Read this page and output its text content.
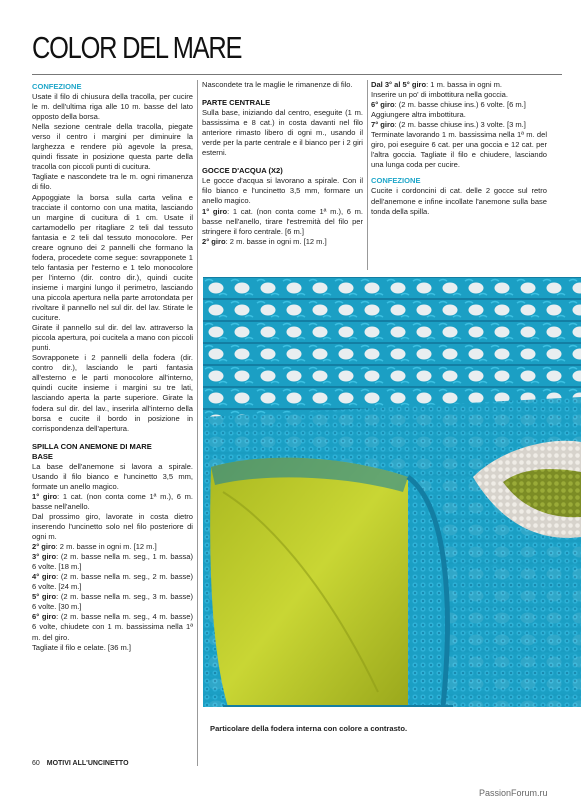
COLOR DEL MARE

CONFEZIONE

Usate il filo di chiusura della tracolla, per cucire le m. dell'ultima riga alle 10 m. basse del lato opposto della borsa.

Nella sezione centrale della tracolla, piegate verso il centro i margini per diminuire la larghezza e rendere più agevole la presa, quindi fissate in posizione questa parte della tracolla con piccoli punti di cucitura.

Tagliate e nascondete tra le m. ogni rimanenza di filo.

Appoggiate la borsa sulla carta velina e tracciate il contorno con una matita, lasciando un margine di cucitura di 1 cm. Usate il cartamodello per ritagliare 2 teli dal tessuto fantasia e 2 teli dal tessuto monocolore. Per creare ognuno dei 2 pannelli che formano la fodera, procedete come segue: sovrapponete 1 telo fantasia per l'esterno e 1 telo monocolore per l'interno (dir. contro dir.), quindi cucite insieme i margini lungo il perimetro, lasciando una piccola apertura nella parte arrotondata per rivoltare il pannello nel sul dir. del lav. Stirate le cuciture.

Girate il pannello sul dir. del lav. attraverso la piccola apertura, poi cucitela a mano con piccoli punti.

Sovrapponete i 2 pannelli della fodera (dir. contro dir.), lasciando le parti fantasia all'esterno e le parti monocolore all'interno, quindi cucite insieme i margini su tre lati, lasciando aperta la parte superiore. Girate la fodera sul dir. del lav., inserirla all'interno della borsa e cucite il bordo in posizione in corrispondenza dell'apertura.

SPILLA CON ANEMONE DI MARE

BASE

La base dell'anemone si lavora a spirale. Usando il filo bianco e l'uncinetto 3,5 mm, formate un anello magico.

1° giro: 1 cat. (non conta come 1ª m.), 6 m. basse nell'anello.

Dal prossimo giro, lavorate in costa dietro inserendo l'uncinetto solo nel filo posteriore di ogni m.

2° giro: 2 m. basse in ogni m. [12 m.]

3° giro: (2 m. basse nella m. seg., 1 m. bassa) 6 volte. [18 m.]

4° giro: (2 m. basse nella m. seg., 2 m. basse) 6 volte. [24 m.]

5° giro: (2 m. basse nella m. seg., 3 m. basse) 6 volte. [30 m.]

6° giro: (2 m. basse nella m. seg., 4 m. basse) 6 volte, chiudete con 1 m. bassissima nella 1ª m. del giro.

Tagliate il filo e celate. [36 m.]

Nascondete tra le maglie le rimanenze di filo.

PARTE CENTRALE

Sulla base, iniziando dal centro, eseguite (1 m. bassissima e 8 cat.) in costa davanti nel filo anteriore rimasto libero di ogni m., usando il verde per la parte centrale e il bianco per i 2 giri esterni.

GOCCE D'ACQUA (X2)

Le gocce d'acqua si lavorano a spirale. Con il filo bianco e l'uncinetto 3,5 mm, formare un anello magico.

1° giro: 1 cat. (non conta come 1ª m.), 6 m. basse nell'anello, tirare l'estremità del filo per stringere il foro centrale. [6 m.]

2° giro: 2 m. basse in ogni m. [12 m.]

Dal 3° al 5° giro: 1 m. bassa in ogni m.

Inserire un po' di imbottitura nella goccia.

6° giro: (2 m. basse chiuse ins.) 6 volte. [6 m.]

Aggiungere altra imbottitura.

7° giro: (2 m. basse chiuse ins.) 3 volte. [3 m.]

Terminate lavorando 1 m. bassissima nella 1ª m. del giro, poi eseguire 6 cat. per una goccia e 12 cat. per l'altra goccia. Tagliate il filo e chiudere, lasciando una lunga coda per cucire.

CONFEZIONE

Cucite i cordoncini di cat. delle 2 gocce sul retro dell'anemone e infine incollate l'anemone sulla base tonda della spilla.

Particolare della fodera interna con colore a contrasto.
60 MOTIVI ALL'UNCINETTO
PassionForum.ru
